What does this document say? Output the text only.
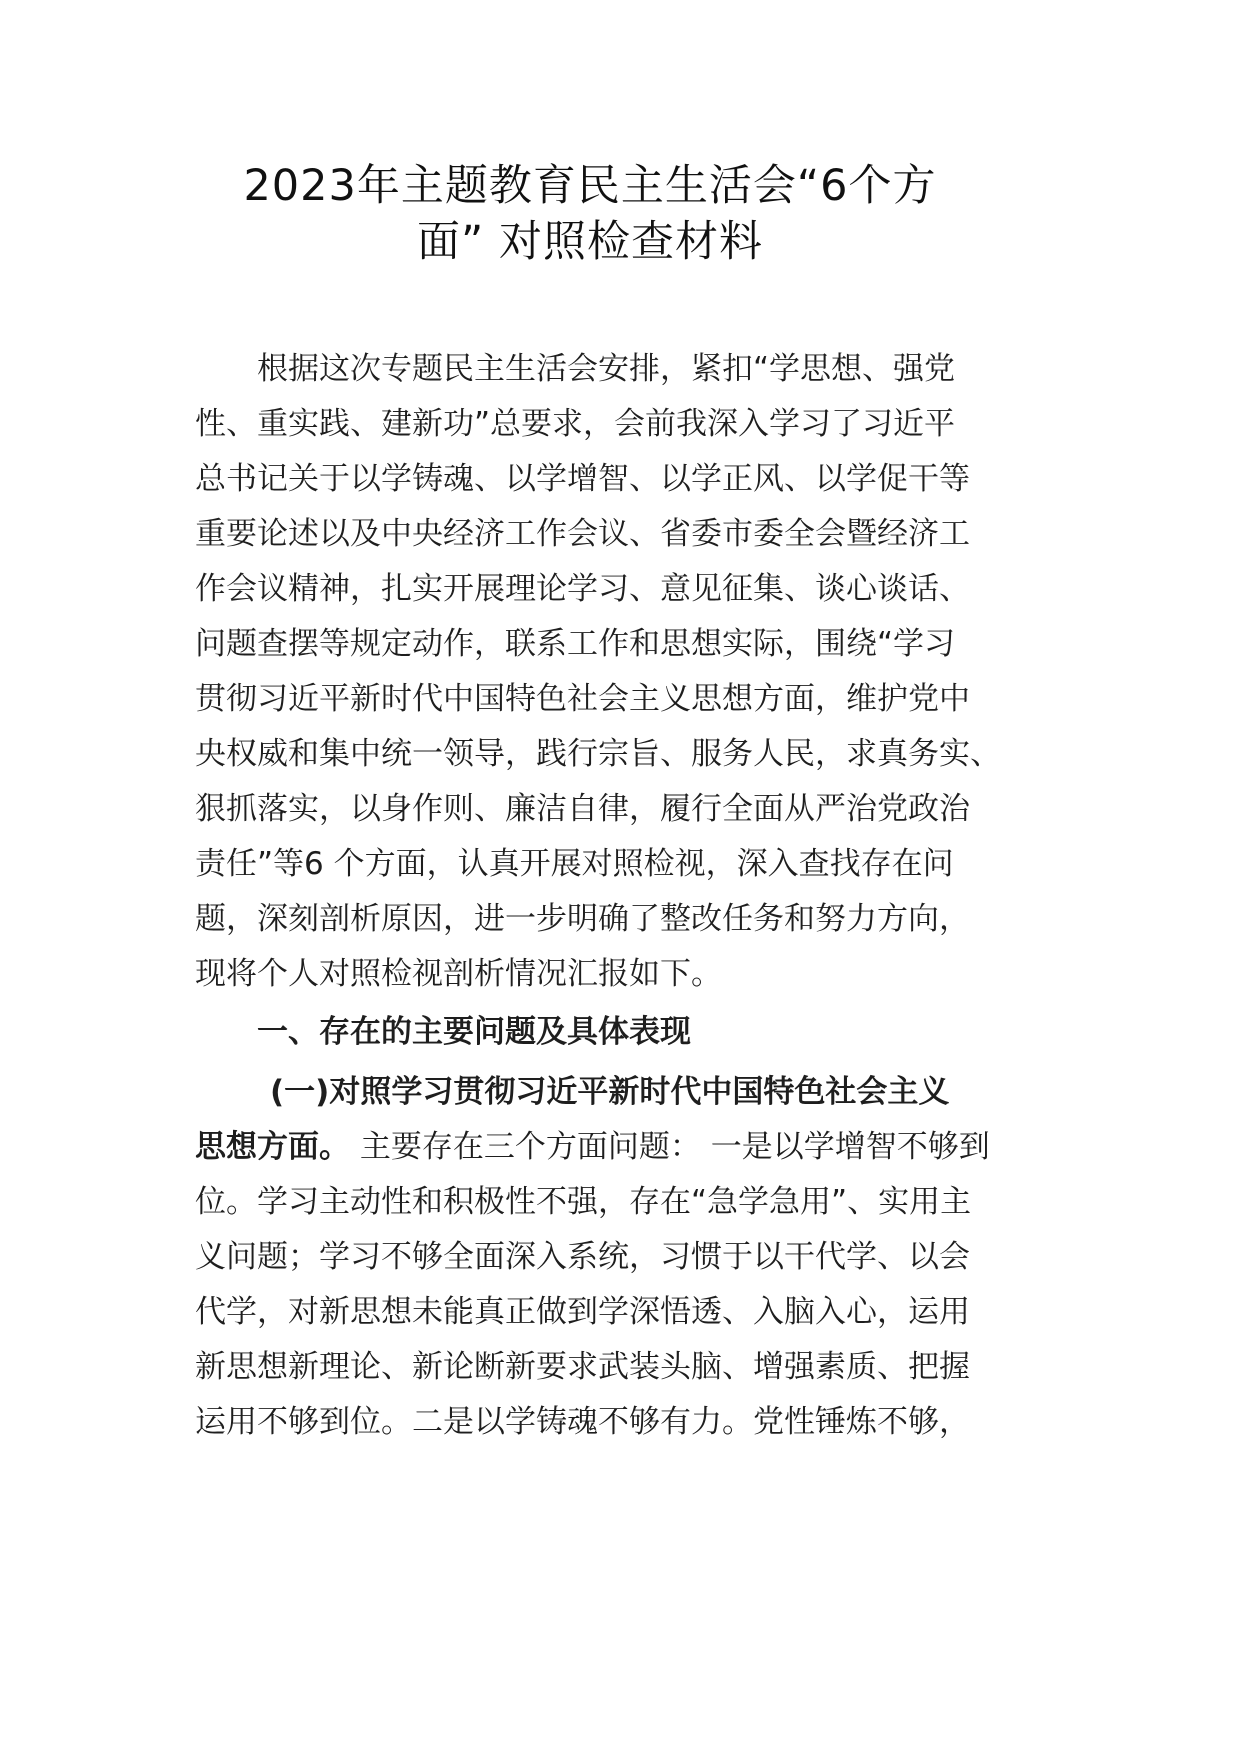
2023年主题教育民主生活会“6个方
面” 对照检查材料
根据这次专题民主生活会安排，紧扣“学思想、强党
性、重实践、建新功”总要求，会前我深入学习了习近平
总书记关于以学铸魂、以学增智、以学正风、以学促干等
重要论述以及中央经济工作会议、省委市委全会暨经济工
作会议精神，扎实开展理论学习、意见征集、谈心谈话、
问题查摆等规定动作，联系工作和思想实际，围绕“学习
贯彻习近平新时代中国特色社会主义思想方面，维护党中
央权威和集中统一领导，践行宗旨、服务人民，求真务实、
狠抓落实，以身作则、廉洁自律，履行全面从严治党政治
责任”等6 个方面，认真开展对照检视，深入查找存在问
题，深刻剖析原因，进一步明确了整改任务和努力方向，
现将个人对照检视剖析情况汇报如下。
一、存在的主要问题及具体表现
(一)对照学习贯彻习近平新时代中国特色社会主义
思想方面。 主要存在三个方面问题： 一是以学增智不够到
位。学习主动性和积极性不强，存在“急学急用”、实用主
义问题；学习不够全面深入系统，习惯于以干代学、以会
代学，对新思想未能真正做到学深悟透、入脑入心，运用
新思想新理论、新论断新要求武装头脑、增强素质、把握
运用不够到位。二是以学铸魂不够有力。党性锤炼不够，
